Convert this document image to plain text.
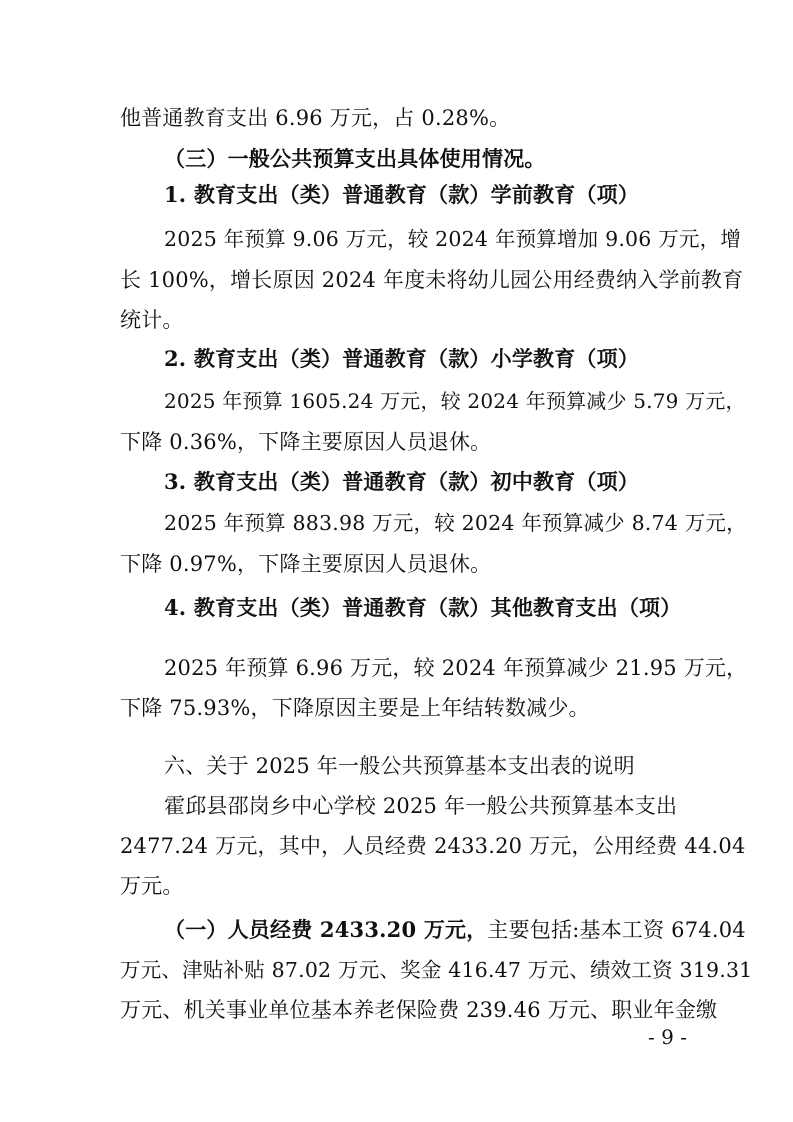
他普通教育支出 6.96 万元，占 0.28%。
（三）一般公共预算支出具体使用情况。
1. 教育支出（类）普通教育（款）学前教育（项）
2025 年预算 9.06 万元，较 2024 年预算增加 9.06 万元，增
长 100%，增长原因 2024 年度未将幼儿园公用经费纳入学前教育
统计。
2. 教育支出（类）普通教育（款）小学教育（项）
2025 年预算 1605.24 万元，较 2024 年预算减少 5.79 万元，
下降 0.36%，下降主要原因人员退休。
3. 教育支出（类）普通教育（款）初中教育（项）
2025 年预算 883.98 万元，较 2024 年预算减少 8.74 万元，
下降 0.97%，下降主要原因人员退休。
4. 教育支出（类）普通教育（款）其他教育支出（项）
2025 年预算 6.96 万元，较 2024 年预算减少 21.95 万元，
下降 75.93%，下降原因主要是上年结转数减少。
六、关于 2025 年一般公共预算基本支出表的说明
霍邱县邵岗乡中心学校 2025 年一般公共预算基本支出
2477.24 万元，其中，人员经费 2433.20 万元，公用经费 44.04
万元。
（一）人员经费 2433.20 万元，主要包括:基本工资 674.04
万元、津贴补贴 87.02 万元、奖金 416.47 万元、绩效工资 319.31
万元、机关事业单位基本养老保险费 239.46 万元、职业年金缴
- 9 -
